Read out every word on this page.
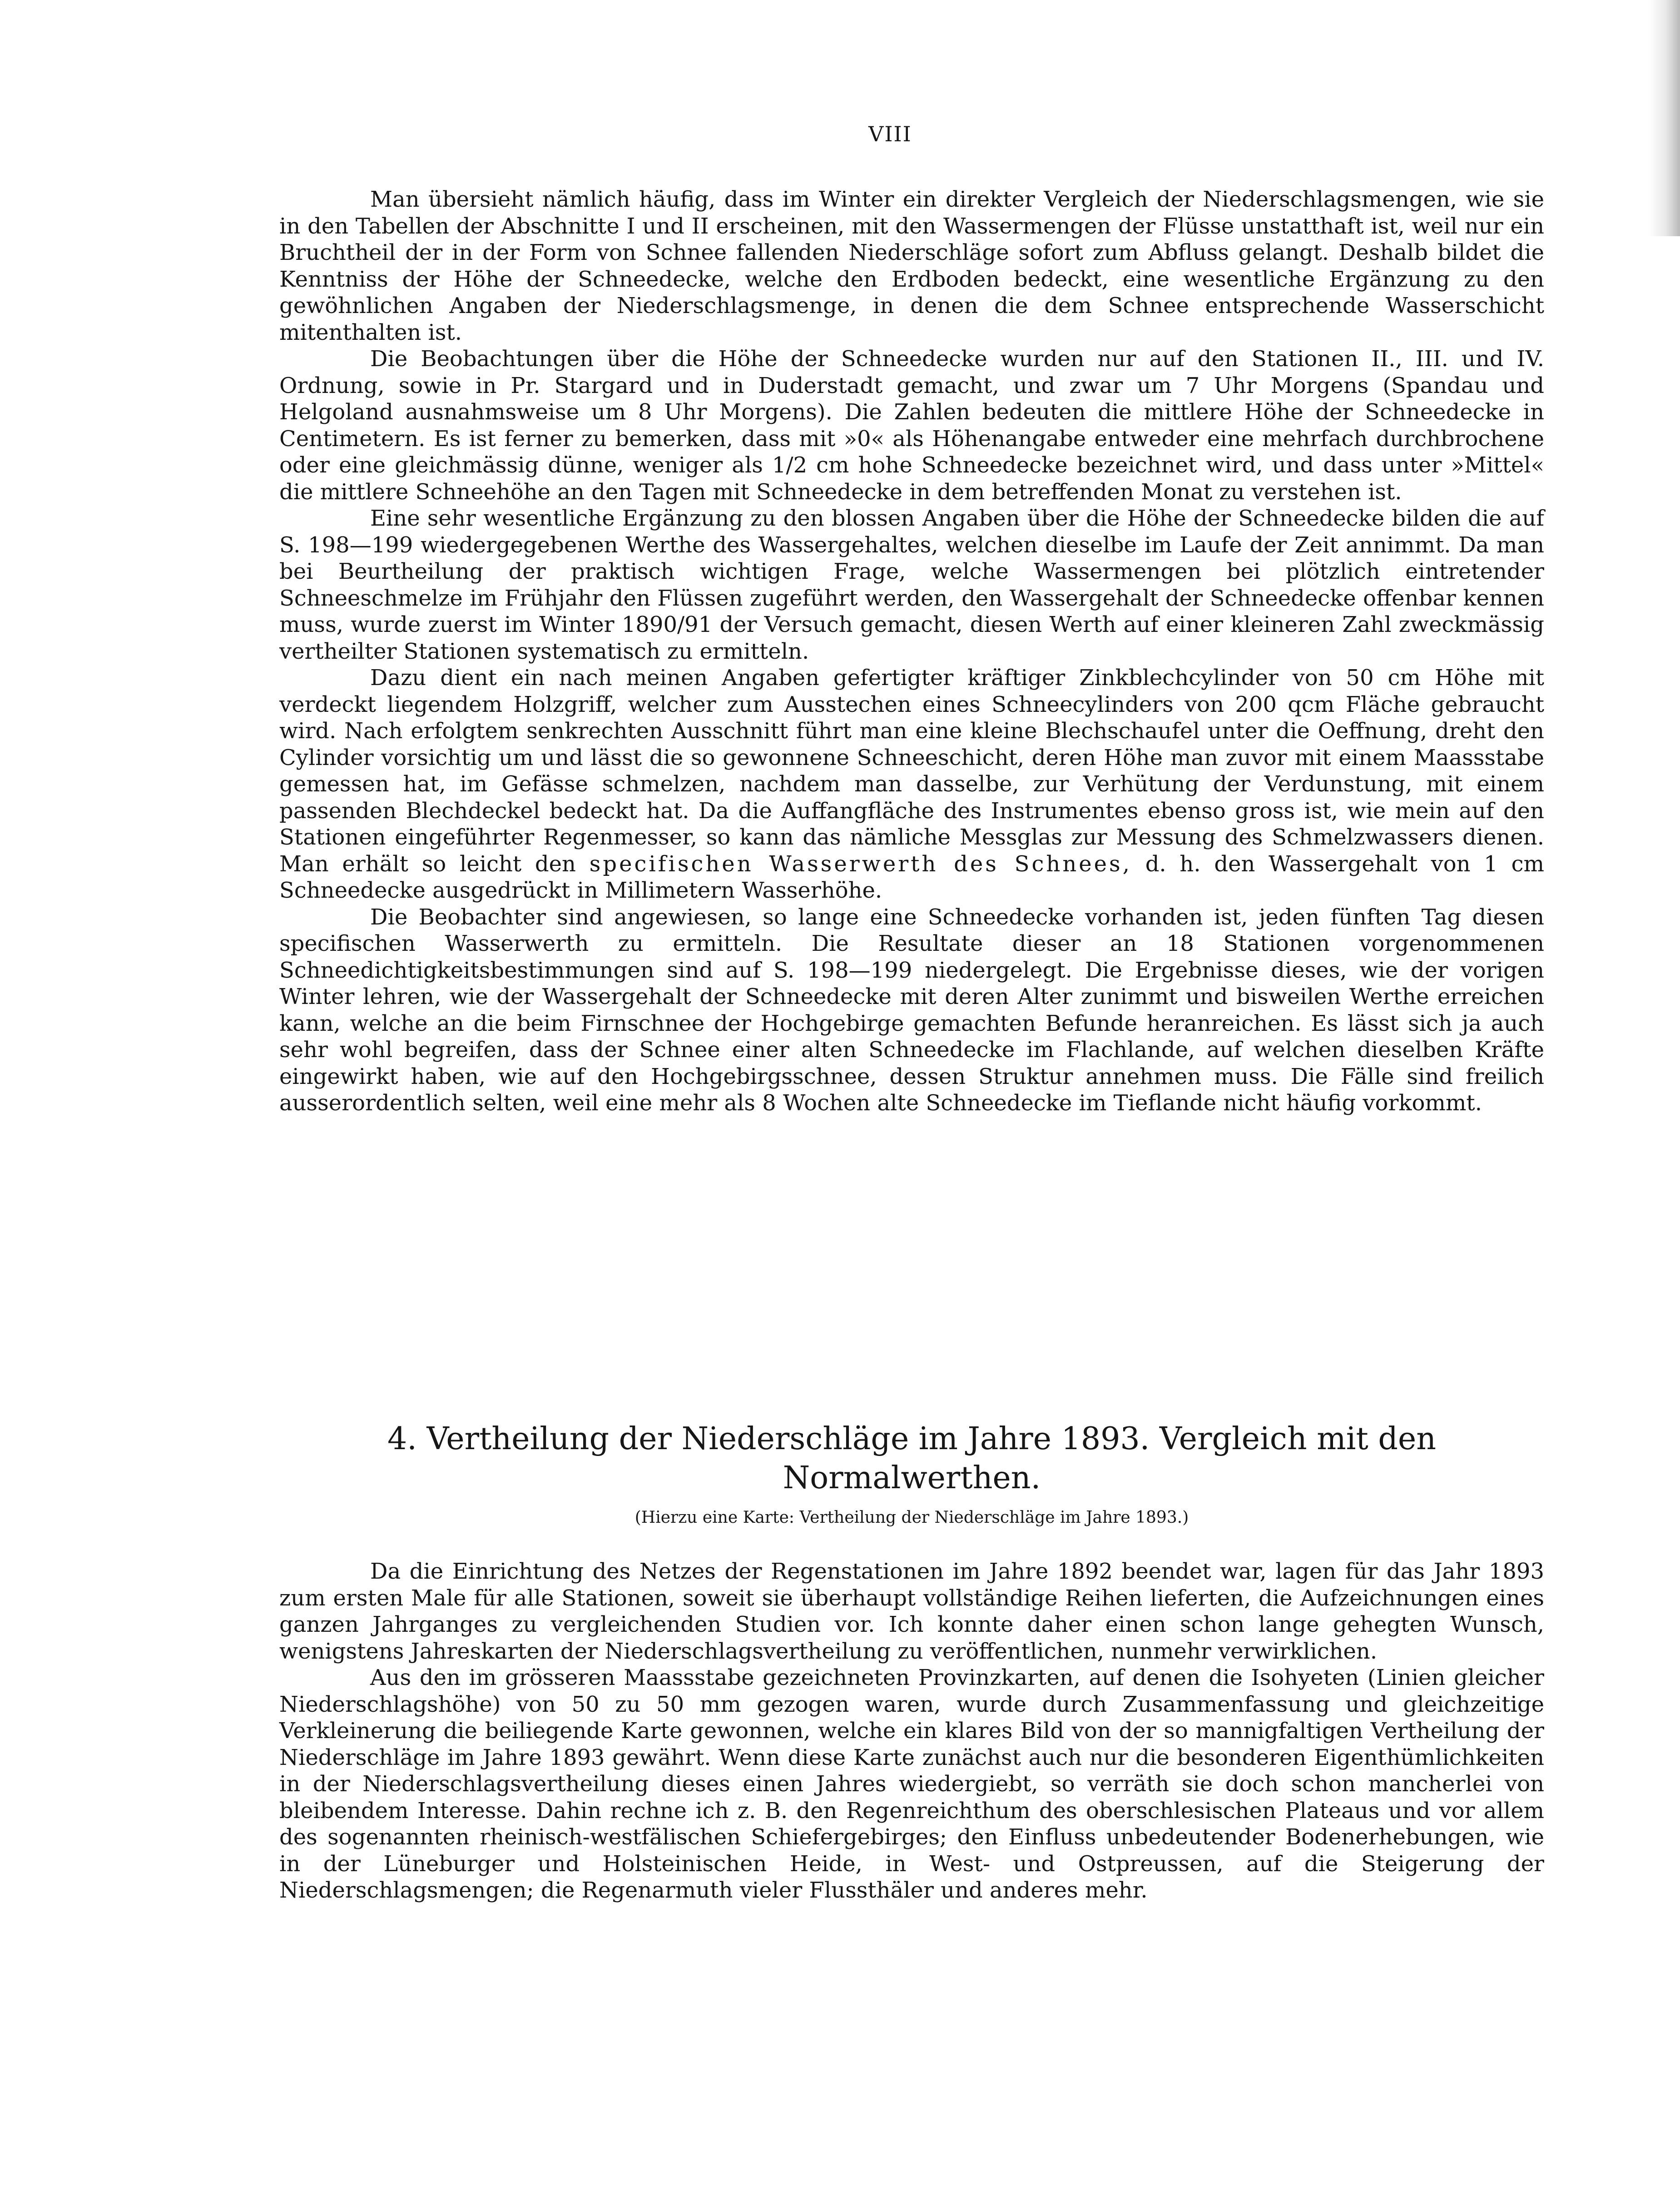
VIII

Man übersieht nämlich häufig, dass im Winter ein direkter Vergleich der Niederschlagsmengen, wie sie in den Tabellen der Abschnitte I und II erscheinen, mit den Wassermengen der Flüsse unstatthaft ist, weil nur ein Bruchtheil der in der Form von Schnee fallenden Niederschläge sofort zum Abfluss gelangt. Deshalb bildet die Kenntniss der Höhe der Schneedecke, welche den Erdboden bedeckt, eine wesentliche Ergänzung zu den gewöhnlichen Angaben der Niederschlagsmenge, in denen die dem Schnee entsprechende Wasserschicht mitenthalten ist.

Die Beobachtungen über die Höhe der Schneedecke wurden nur auf den Stationen II., III. und IV. Ordnung, sowie in Pr. Stargard und in Duderstadt gemacht, und zwar um 7 Uhr Morgens (Spandau und Helgoland ausnahmsweise um 8 Uhr Morgens). Die Zahlen bedeuten die mittlere Höhe der Schneedecke in Centimetern. Es ist ferner zu bemerken, dass mit »0« als Höhenangabe entweder eine mehrfach durchbrochene oder eine gleichmässig dünne, weniger als 1/2 cm hohe Schneedecke bezeichnet wird, und dass unter »Mittel« die mittlere Schneehöhe an den Tagen mit Schneedecke in dem betreffenden Monat zu verstehen ist.

Eine sehr wesentliche Ergänzung zu den blossen Angaben über die Höhe der Schneedecke bilden die auf S. 198—199 wiedergegebenen Werthe des Wassergehaltes, welchen dieselbe im Laufe der Zeit annimmt. Da man bei Beurtheilung der praktisch wichtigen Frage, welche Wassermengen bei plötzlich eintretender Schneeschmelze im Frühjahr den Flüssen zugeführt werden, den Wassergehalt der Schneedecke offenbar kennen muss, wurde zuerst im Winter 1890/91 der Versuch gemacht, diesen Werth auf einer kleineren Zahl zweckmässig vertheilter Stationen systematisch zu ermitteln.

Dazu dient ein nach meinen Angaben gefertigter kräftiger Zinkblechcylinder von 50 cm Höhe mit verdeckt liegendem Holzgriff, welcher zum Ausstechen eines Schneecylinders von 200 qcm Fläche gebraucht wird. Nach erfolgtem senkrechten Ausschnitt führt man eine kleine Blechschaufel unter die Oeffnung, dreht den Cylinder vorsichtig um und lässt die so gewonnene Schneeschicht, deren Höhe man zuvor mit einem Maassstabe gemessen hat, im Gefässe schmelzen, nachdem man dasselbe, zur Verhütung der Verdunstung, mit einem passenden Blechdeckel bedeckt hat. Da die Auffangfläche des Instrumentes ebenso gross ist, wie mein auf den Stationen eingeführter Regenmesser, so kann das nämliche Messglas zur Messung des Schmelzwassers dienen. Man erhält so leicht den specifischen Wasserwerth des Schnees, d. h. den Wassergehalt von 1 cm Schneedecke ausgedrückt in Millimetern Wasserhöhe.

Die Beobachter sind angewiesen, so lange eine Schneedecke vorhanden ist, jeden fünften Tag diesen specifischen Wasserwerth zu ermitteln. Die Resultate dieser an 18 Stationen vorgenommenen Schneedichtigkeitsbestimmungen sind auf S. 198—199 niedergelegt. Die Ergebnisse dieses, wie der vorigen Winter lehren, wie der Wassergehalt der Schneedecke mit deren Alter zunimmt und bisweilen Werthe erreichen kann, welche an die beim Firnschnee der Hochgebirge gemachten Befunde heranreichen. Es lässt sich ja auch sehr wohl begreifen, dass der Schnee einer alten Schneedecke im Flachlande, auf welchen dieselben Kräfte eingewirkt haben, wie auf den Hochgebirgsschnee, dessen Struktur annehmen muss. Die Fälle sind freilich ausserordentlich selten, weil eine mehr als 8 Wochen alte Schneedecke im Tieflande nicht häufig vorkommt.

4. Vertheilung der Niederschläge im Jahre 1893. Vergleich mit den
Normalwerthen.
(Hierzu eine Karte: Vertheilung der Niederschläge im Jahre 1893.)

Da die Einrichtung des Netzes der Regenstationen im Jahre 1892 beendet war, lagen für das Jahr 1893 zum ersten Male für alle Stationen, soweit sie überhaupt vollständige Reihen lieferten, die Aufzeichnungen eines ganzen Jahrganges zu vergleichenden Studien vor. Ich konnte daher einen schon lange gehegten Wunsch, wenigstens Jahreskarten der Niederschlagsvertheilung zu veröffentlichen, nunmehr verwirklichen.

Aus den im grösseren Maassstabe gezeichneten Provinzkarten, auf denen die Isohyeten (Linien gleicher Niederschlagshöhe) von 50 zu 50 mm gezogen waren, wurde durch Zusammenfassung und gleichzeitige Verkleinerung die beiliegende Karte gewonnen, welche ein klares Bild von der so mannigfaltigen Vertheilung der Niederschläge im Jahre 1893 gewährt. Wenn diese Karte zunächst auch nur die besonderen Eigenthümlichkeiten in der Niederschlagsvertheilung dieses einen Jahres wiedergiebt, so verräth sie doch schon mancherlei von bleibendem Interesse. Dahin rechne ich z. B. den Regenreichthum des oberschlesischen Plateaus und vor allem des sogenannten rheinisch-westfälischen Schiefergebirges; den Einfluss unbedeutender Bodenerhebungen, wie in der Lüneburger und Holsteinischen Heide, in West- und Ostpreussen, auf die Steigerung der Niederschlagsmengen; die Regenarmuth vieler Flussthäler und anderes mehr.
